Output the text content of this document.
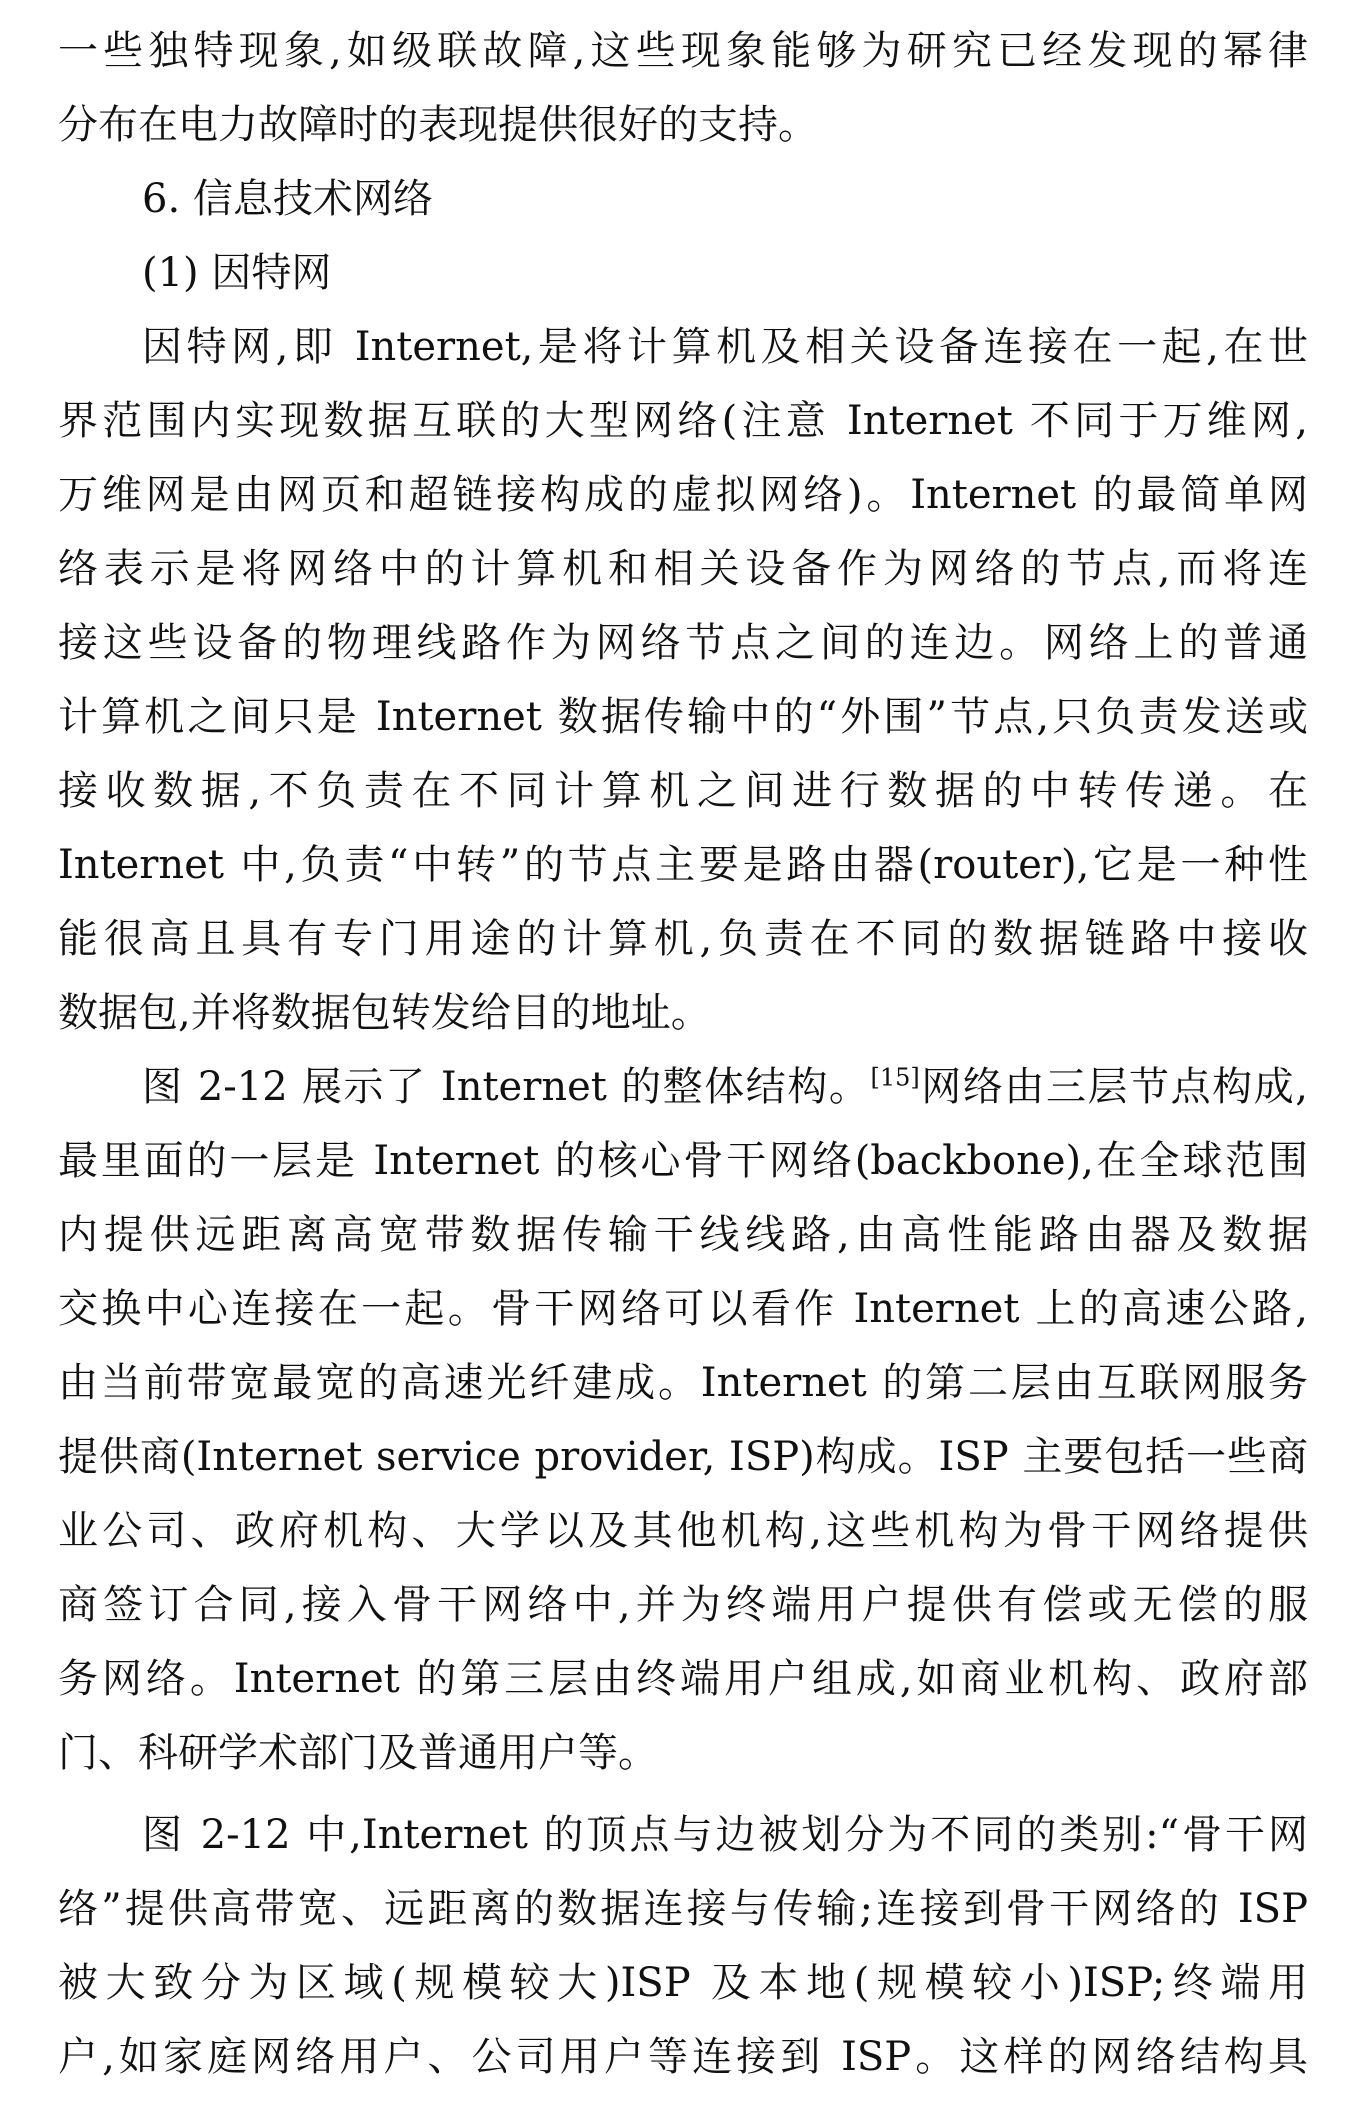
一些独特现象,如级联故障,这些现象能够为研究已经发现的幂律
分布在电力故障时的表现提供很好的支持。
6. 信息技术网络
(1) 因特网
因特网,即 Internet,是将计算机及相关设备连接在一起,在世
界范围内实现数据互联的大型网络(注意 Internet 不同于万维网,
万维网是由网页和超链接构成的虚拟网络)。Internet 的最简单网
络表示是将网络中的计算机和相关设备作为网络的节点,而将连
接这些设备的物理线路作为网络节点之间的连边。网络上的普通
计算机之间只是 Internet 数据传输中的“外围”节点,只负责发送或
接收数据,不负责在不同计算机之间进行数据的中转传递。在
Internet 中,负责“中转”的节点主要是路由器(router),它是一种性
能很高且具有专门用途的计算机,负责在不同的数据链路中接收
数据包,并将数据包转发给目的地址。
图 2-12 展示了 Internet 的整体结构。[15]网络由三层节点构成,
最里面的一层是 Internet 的核心骨干网络(backbone),在全球范围
内提供远距离高宽带数据传输干线线路,由高性能路由器及数据
交换中心连接在一起。骨干网络可以看作 Internet 上的高速公路,
由当前带宽最宽的高速光纤建成。Internet 的第二层由互联网服务
提供商(Internet service provider, ISP)构成。ISP 主要包括一些商
业公司、政府机构、大学以及其他机构,这些机构为骨干网络提供
商签订合同,接入骨干网络中,并为终端用户提供有偿或无偿的服
务网络。Internet 的第三层由终端用户组成,如商业机构、政府部
门、科研学术部门及普通用户等。
图 2-12 中,Internet 的顶点与边被划分为不同的类别:“骨干网
络”提供高带宽、远距离的数据连接与传输;连接到骨干网络的 ISP
被大致分为区域(规模较大)ISP 及本地(规模较小)ISP;终端用
户,如家庭网络用户、公司用户等连接到 ISP。这样的网络结构具
